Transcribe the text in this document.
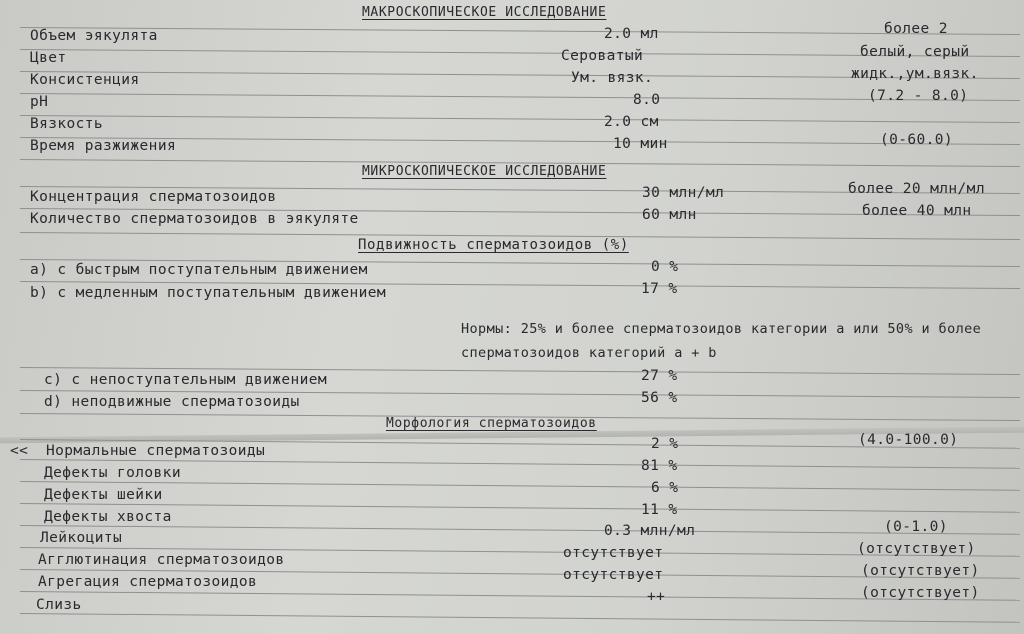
МАКРОСКОПИЧЕСКОЕ ИССЛЕДОВАНИЕ
Объем эякулята	2.0 мл	более 2
Цвет	Сероватый	белый, серый
Консистенция	Ум. вязк.	жидк.,ум.вязк.
pH	8.0	(7.2 - 8.0)
Вязкость	2.0 см
Время разжижения	10 мин	(0-60.0)
МИКРОСКОПИЧЕСКОЕ ИССЛЕДОВАНИЕ
Концентрация сперматозоидов	30 млн/мл	более 20 млн/мл
Количество сперматозоидов в эякуляте	60 млн	более 40 млн
Подвижность сперматозоидов (%)
a) с быстрым поступательным движением	0 %
b) с медленным поступательным движением	17 %
Нормы: 25% и более сперматозоидов категории a или 50% и более
сперматозоидов категорий a + b
c) с непоступательным движением	27 %
d) неподвижные сперматозоиды	56 %
Морфология сперматозоидов
<< Нормальные сперматозоиды	2 %	(4.0-100.0)
Дефекты головки	81 %
Дефекты шейки	6 %
Дефекты хвоста	11 %
Лейкоциты	0.3 млн/мл	(0-1.0)
Агглютинация сперматозоидов	отсутствует	(отсутствует)
Агрегация сперматозоидов	отсутствует	(отсутствует)
Слизь	++	(отсутствует)
